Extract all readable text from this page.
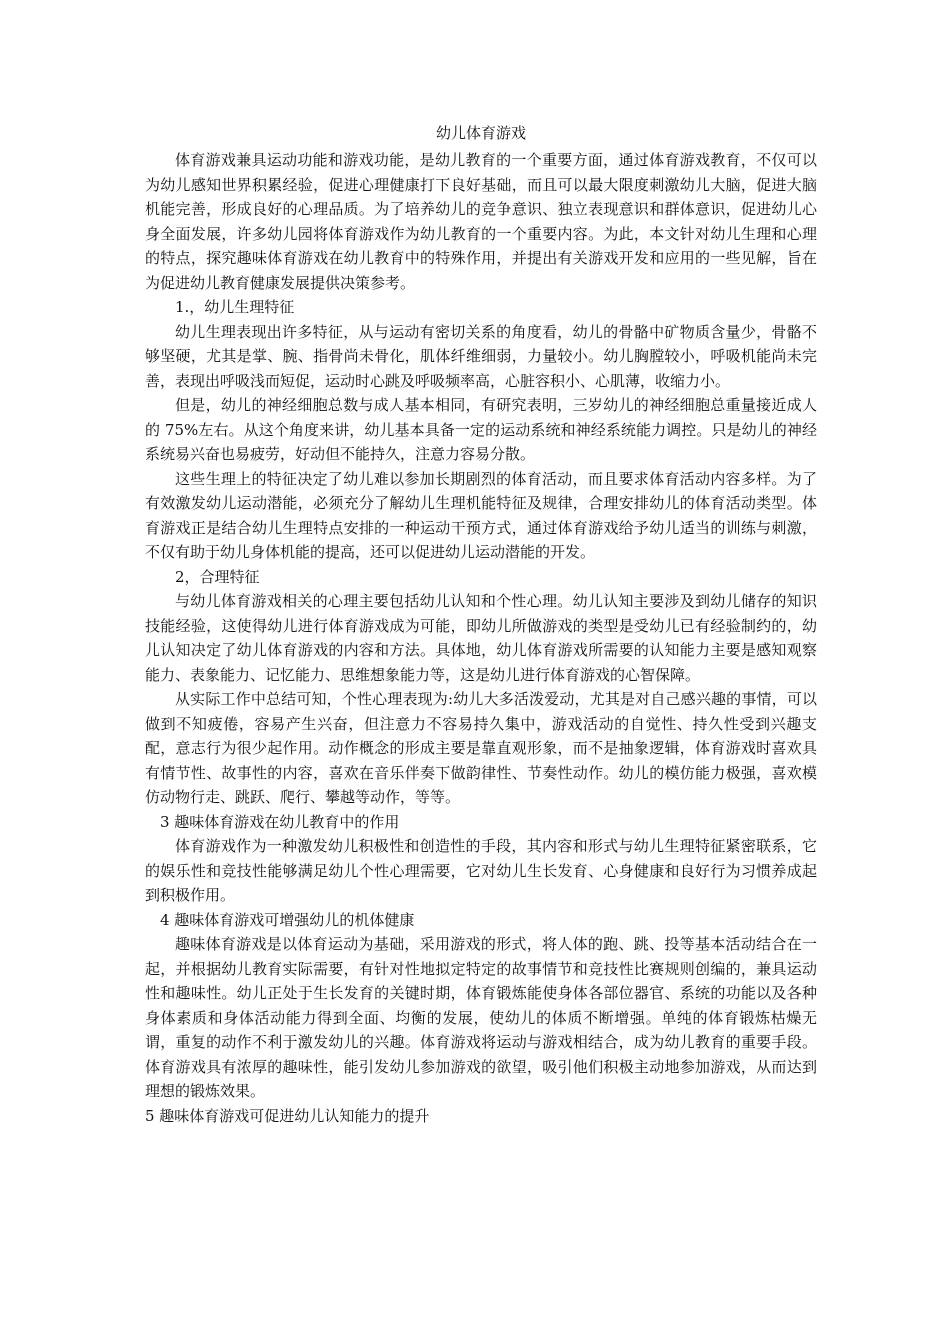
幼儿体育游戏

体育游戏兼具运动功能和游戏功能，是幼儿教育的一个重要方面，通过体育游戏教育，不仅可以为幼儿感知世界积累经验，促进心理健康打下良好基础，而且可以最大限度刺激幼儿大脑，促进大脑机能完善，形成良好的心理品质。为了培养幼儿的竞争意识、独立表现意识和群体意识，促进幼儿心身全面发展，许多幼儿园将体育游戏作为幼儿教育的一个重要内容。为此，本文针对幼儿生理和心理的特点，探究趣味体育游戏在幼儿教育中的特殊作用，并提出有关游戏开发和应用的一些见解，旨在为促进幼儿教育健康发展提供决策参考。

1.，幼儿生理特征

幼儿生理表现出许多特征，从与运动有密切关系的角度看，幼儿的骨骼中矿物质含量少，骨骼不够坚硬，尤其是掌、腕、指骨尚未骨化，肌体纤维细弱，力量较小。幼儿胸膛较小，呼吸机能尚未完善，表现出呼吸浅而短促，运动时心跳及呼吸频率高，心脏容积小、心肌薄，收缩力小。

但是，幼儿的神经细胞总数与成人基本相同，有研究表明，三岁幼儿的神经细胞总重量接近成人的 75%左右。从这个角度来讲，幼儿基本具备一定的运动系统和神经系统能力调控。只是幼儿的神经系统易兴奋也易疲劳，好动但不能持久，注意力容易分散。

这些生理上的特征决定了幼儿难以参加长期剧烈的体育活动，而且要求体育活动内容多样。为了有效激发幼儿运动潜能，必须充分了解幼儿生理机能特征及规律，合理安排幼儿的体育活动类型。体育游戏正是结合幼儿生理特点安排的一种运动干预方式，通过体育游戏给予幼儿适当的训练与刺激，不仅有助于幼儿身体机能的提高，还可以促进幼儿运动潜能的开发。

2，合理特征

与幼儿体育游戏相关的心理主要包括幼儿认知和个性心理。幼儿认知主要涉及到幼儿储存的知识技能经验，这使得幼儿进行体育游戏成为可能，即幼儿所做游戏的类型是受幼儿已有经验制约的，幼儿认知决定了幼儿体育游戏的内容和方法。具体地，幼儿体育游戏所需要的认知能力主要是感知观察能力、表象能力、记忆能力、思维想象能力等，这是幼儿进行体育游戏的心智保障。

从实际工作中总结可知，个性心理表现为:幼儿大多活泼爱动，尤其是对自己感兴趣的事情，可以做到不知疲倦，容易产生兴奋，但注意力不容易持久集中，游戏活动的自觉性、持久性受到兴趣支配，意志行为很少起作用。动作概念的形成主要是靠直观形象，而不是抽象逻辑，体育游戏时喜欢具有情节性、故事性的内容，喜欢在音乐伴奏下做韵律性、节奏性动作。幼儿的模仿能力极强，喜欢模仿动物行走、跳跃、爬行、攀越等动作，等等。

3 趣味体育游戏在幼儿教育中的作用

体育游戏作为一种激发幼儿积极性和创造性的手段，其内容和形式与幼儿生理特征紧密联系，它的娱乐性和竞技性能够满足幼儿个性心理需要，它对幼儿生长发育、心身健康和良好行为习惯养成起到积极作用。

4 趣味体育游戏可增强幼儿的机体健康

趣味体育游戏是以体育运动为基础，采用游戏的形式，将人体的跑、跳、投等基本活动结合在一起，并根据幼儿教育实际需要，有针对性地拟定特定的故事情节和竞技性比赛规则创编的，兼具运动性和趣味性。幼儿正处于生长发育的关键时期，体育锻炼能使身体各部位器官、系统的功能以及各种身体素质和身体活动能力得到全面、均衡的发展，使幼儿的体质不断增强。单纯的体育锻炼枯燥无谓，重复的动作不利于激发幼儿的兴趣。体育游戏将运动与游戏相结合，成为幼儿教育的重要手段。体育游戏具有浓厚的趣味性，能引发幼儿参加游戏的欲望，吸引他们积极主动地参加游戏，从而达到理想的锻炼效果。

5 趣味体育游戏可促进幼儿认知能力的提升
